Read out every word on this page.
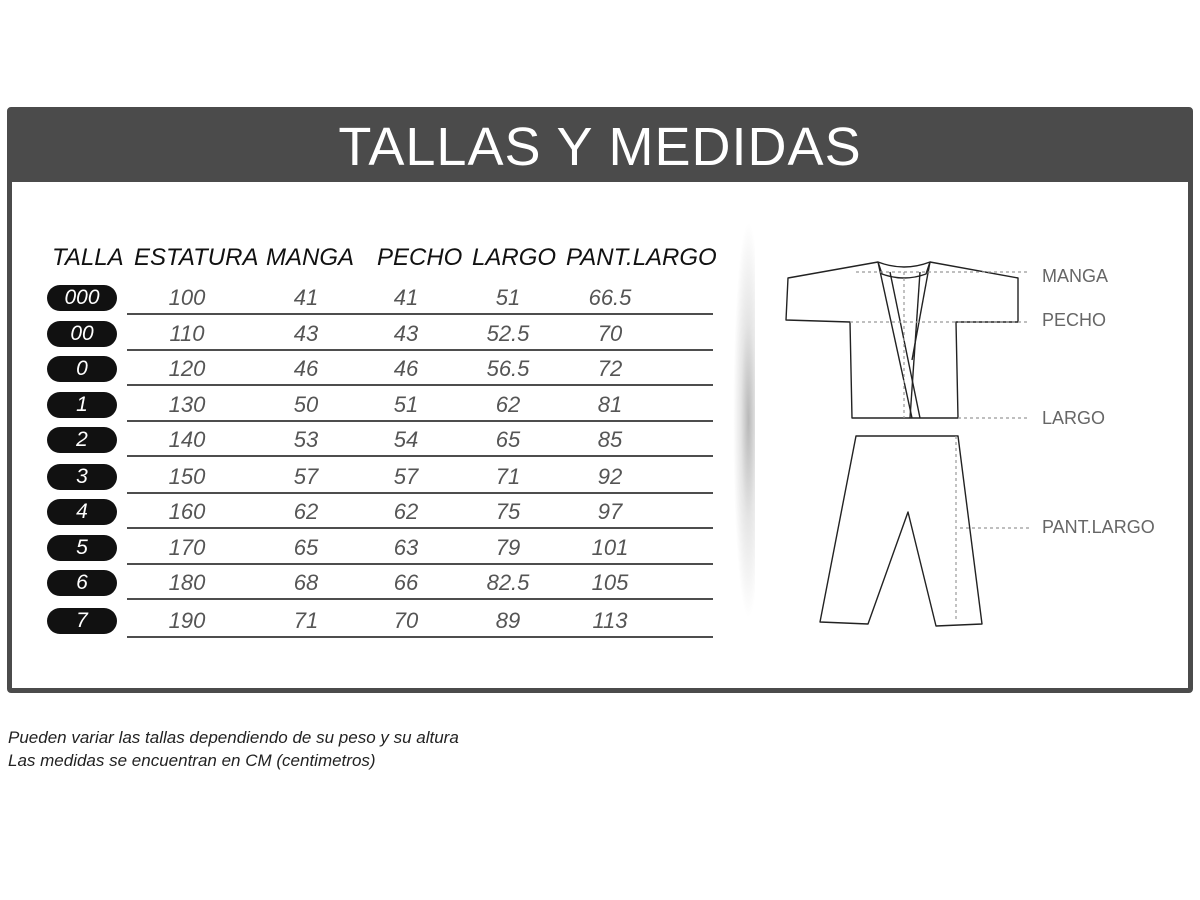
TALLAS Y MEDIDAS
TALLA ESTATURA MANGA PECHO LARGO PANT.LARGO
000	100	41	41	51	66.5
00	110	43	43	52.5	70
0	120	46	46	56.5	72
1	130	50	51	62	81
2	140	53	54	65	85
3	150	57	57	71	92
4	160	62	62	75	97
5	170	65	63	79	101
6	180	68	66	82.5	105
7	190	71	70	89	113
MANGA
PECHO
LARGO
PANT.LARGO
Pueden variar las tallas dependiendo de su peso y su altura
Las medidas se encuentran en CM (centimetros)
